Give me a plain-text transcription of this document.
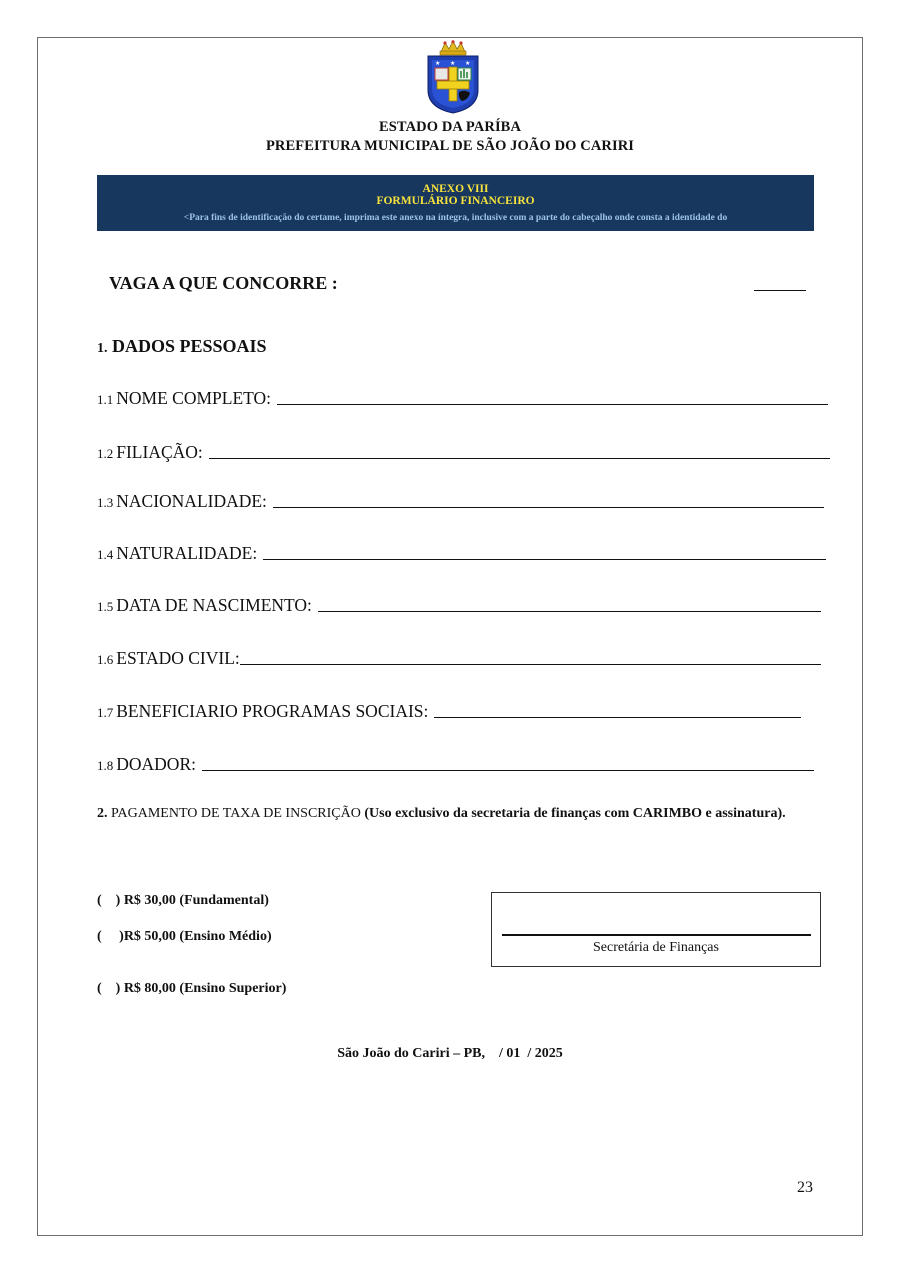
★ ★ ★
ESTADO DA PARÍBA
PREFEITURA MUNICIPAL DE SÃO JOÃO DO CARIRI
ANEXO VIII
FORMULÁRIO FINANCEIRO
<Para fins de identificação do certame, imprima este anexo na íntegra, inclusive com a parte do cabeçalho onde consta a identidade do
VAGA A QUE CONCORRE :
1. DADOS PESSOAIS
1.1 NOME COMPLETO:
1.2 FILIAÇÃO:
1.3 NACIONALIDADE:
1.4 NATURALIDADE:
1.5 DATA DE NASCIMENTO:
1.6 ESTADO CIVIL:
1.7 BENEFICIARIO PROGRAMAS SOCIAIS:
1.8 DOADOR:
2. PAGAMENTO DE TAXA DE INSCRIÇÃO (Uso exclusivo da secretaria de finanças com CARIMBO e assinatura).
(    ) R$ 30,00 (Fundamental)
(     )R$ 50,00 (Ensino Médio)
(    ) R$ 80,00 (Ensino Superior)
Secretária de Finanças
São João do Cariri – PB,    / 01  / 2025
23
